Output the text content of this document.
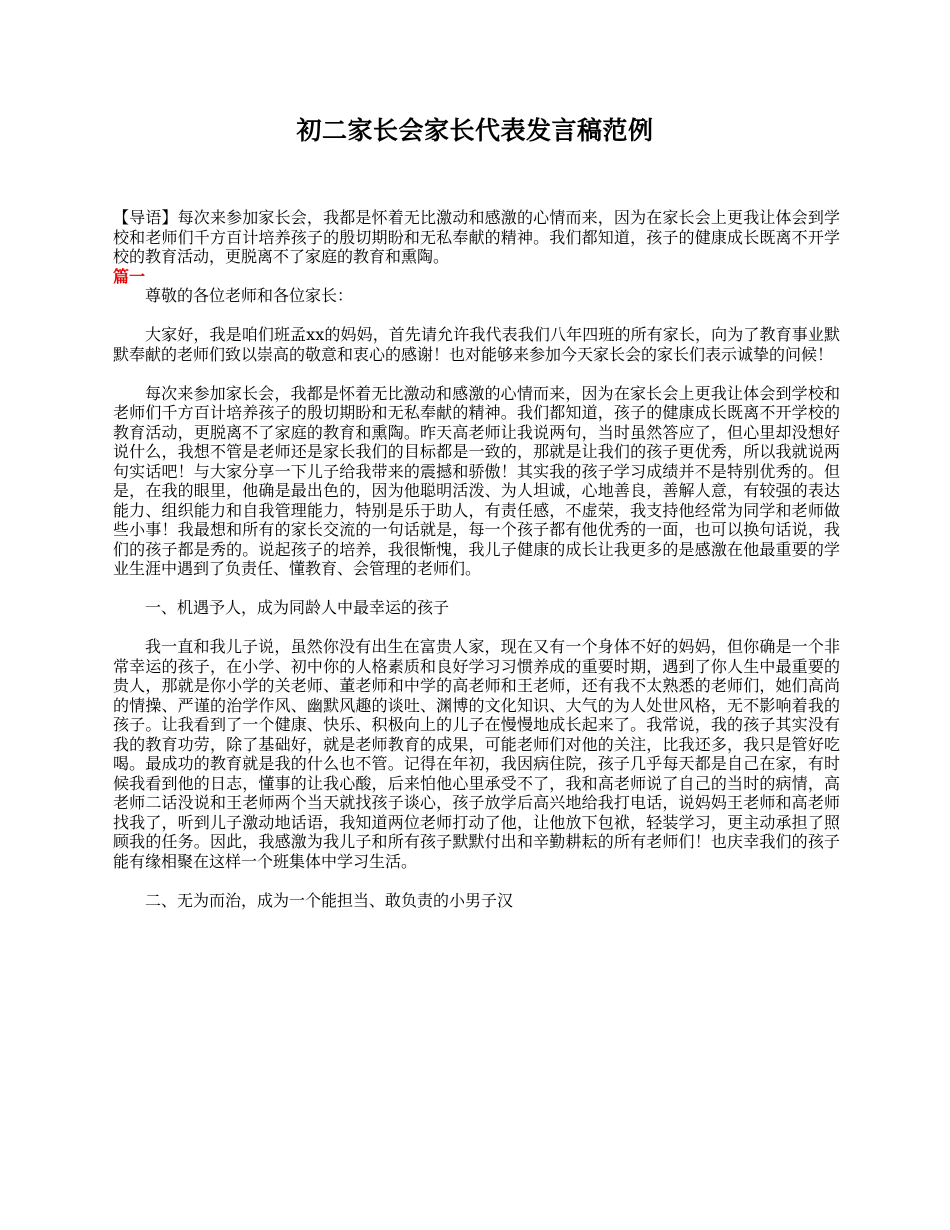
初二家长会家长代表发言稿范例

【导语】每次来参加家长会，我都是怀着无比激动和感激的心情而来，因为在家长会上更我让体会到学校和老师们千方百计培养孩子的殷切期盼和无私奉献的精神。我们都知道，孩子的健康成长既离不开学校的教育活动，更脱离不了家庭的教育和熏陶。

篇一

尊敬的各位老师和各位家长：

大家好，我是咱们班孟xx的妈妈，首先请允许我代表我们八年四班的所有家长，向为了教育事业默默奉献的老师们致以崇高的敬意和衷心的感谢！也对能够来参加今天家长会的家长们表示诚挚的问候！

每次来参加家长会，我都是怀着无比激动和感激的心情而来，因为在家长会上更我让体会到学校和老师们千方百计培养孩子的殷切期盼和无私奉献的精神。我们都知道，孩子的健康成长既离不开学校的教育活动，更脱离不了家庭的教育和熏陶。昨天高老师让我说两句，当时虽然答应了，但心里却没想好说什么，我想不管是老师还是家长我们的目标都是一致的，那就是让我们的孩子更优秀，所以我就说两句实话吧！与大家分享一下儿子给我带来的震撼和骄傲！其实我的孩子学习成绩并不是特别优秀的。但是，在我的眼里，他确是最出色的，因为他聪明活泼、为人坦诚，心地善良，善解人意，有较强的表达能力、组织能力和自我管理能力，特别是乐于助人，有责任感，不虚荣，我支持他经常为同学和老师做些小事！我最想和所有的家长交流的一句话就是，每一个孩子都有他优秀的一面，也可以换句话说，我们的孩子都是秀的。说起孩子的培养，我很惭愧，我儿子健康的成长让我更多的是感激在他最重要的学业生涯中遇到了负责任、懂教育、会管理的老师们。

一、机遇予人，成为同龄人中最幸运的孩子

我一直和我儿子说，虽然你没有出生在富贵人家，现在又有一个身体不好的妈妈，但你确是一个非常幸运的孩子，在小学、初中你的人格素质和良好学习习惯养成的重要时期，遇到了你人生中最重要的贵人，那就是你小学的关老师、董老师和中学的高老师和王老师，还有我不太熟悉的老师们，她们高尚的情操、严谨的治学作风、幽默风趣的谈吐、渊博的文化知识、大气的为人处世风格，无不影响着我的孩子。让我看到了一个健康、快乐、积极向上的儿子在慢慢地成长起来了。我常说，我的孩子其实没有我的教育功劳，除了基础好，就是老师教育的成果，可能老师们对他的关注，比我还多，我只是管好吃喝。最成功的教育就是我的什么也不管。记得在年初，我因病住院，孩子几乎每天都是自己在家，有时候我看到他的日志，懂事的让我心酸，后来怕他心里承受不了，我和高老师说了自己的当时的病情，高老师二话没说和王老师两个当天就找孩子谈心，孩子放学后高兴地给我打电话，说妈妈王老师和高老师找我了，听到儿子激动地话语，我知道两位老师打动了他，让他放下包袱，轻装学习，更主动承担了照顾我的任务。因此，我感激为我儿子和所有孩子默默付出和辛勤耕耘的所有老师们！也庆幸我们的孩子能有缘相聚在这样一个班集体中学习生活。

二、无为而治，成为一个能担当、敢负责的小男子汉
